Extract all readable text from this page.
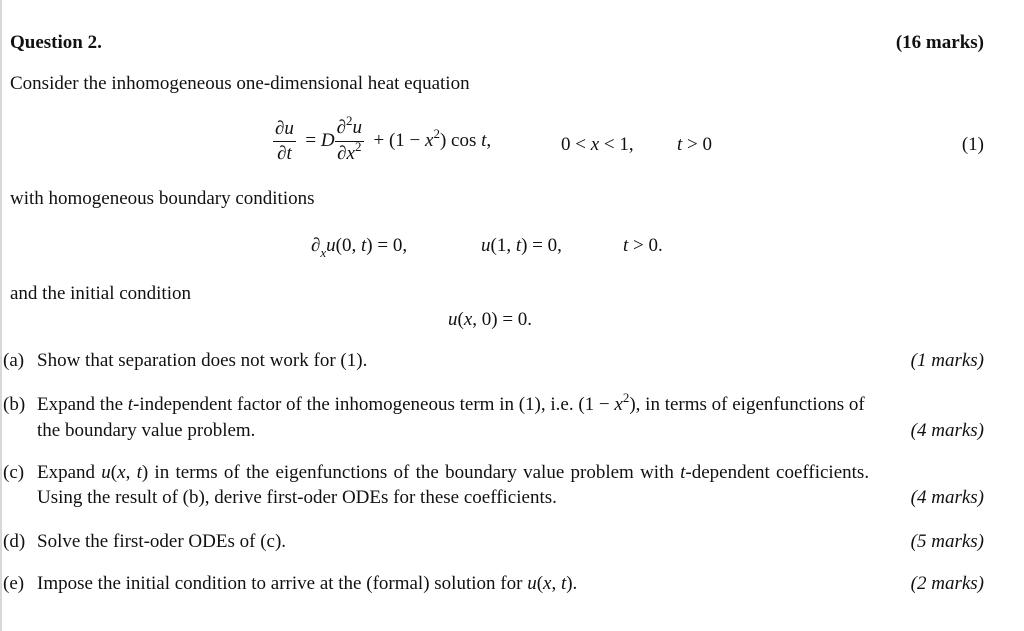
Question 2.	(16 marks)
Consider the inhomogeneous one-dimensional heat equation
$\frac{\partial u}{\partial t} = D \frac{\partial^2u}{\partial x^2} + (1 - x^2)$ cos t,	0 < x < 1, t > 0	(1)
with homogeneous boundary conditions
$\partial_xu(0$, t) = 0,	u(1, t) = 0,	t > 0.
and the initial condition
u(x, 0) = 0.
(a) Show that separation does not work for (1).	(1 marks)
(b) Expand the t-independent factor of the inhomogeneous term in (1), i.e. $(1 - x^2)$, in terms of eigenfunctions of
the boundary value problem.	(4 marks)
(c) Expand u(x, t) in terms of the eigenfunctions of the boundary value problem with t-dependent coefficients.
Using the result of (b), derive first-oder ODEs for these coefficients.	(4 marks)
(d) Solve the first-oder ODEs of (c).	(5 marks)
(e) Impose the initial condition to arrive at the (formal) solution for u(x, t).	(2 marks)
